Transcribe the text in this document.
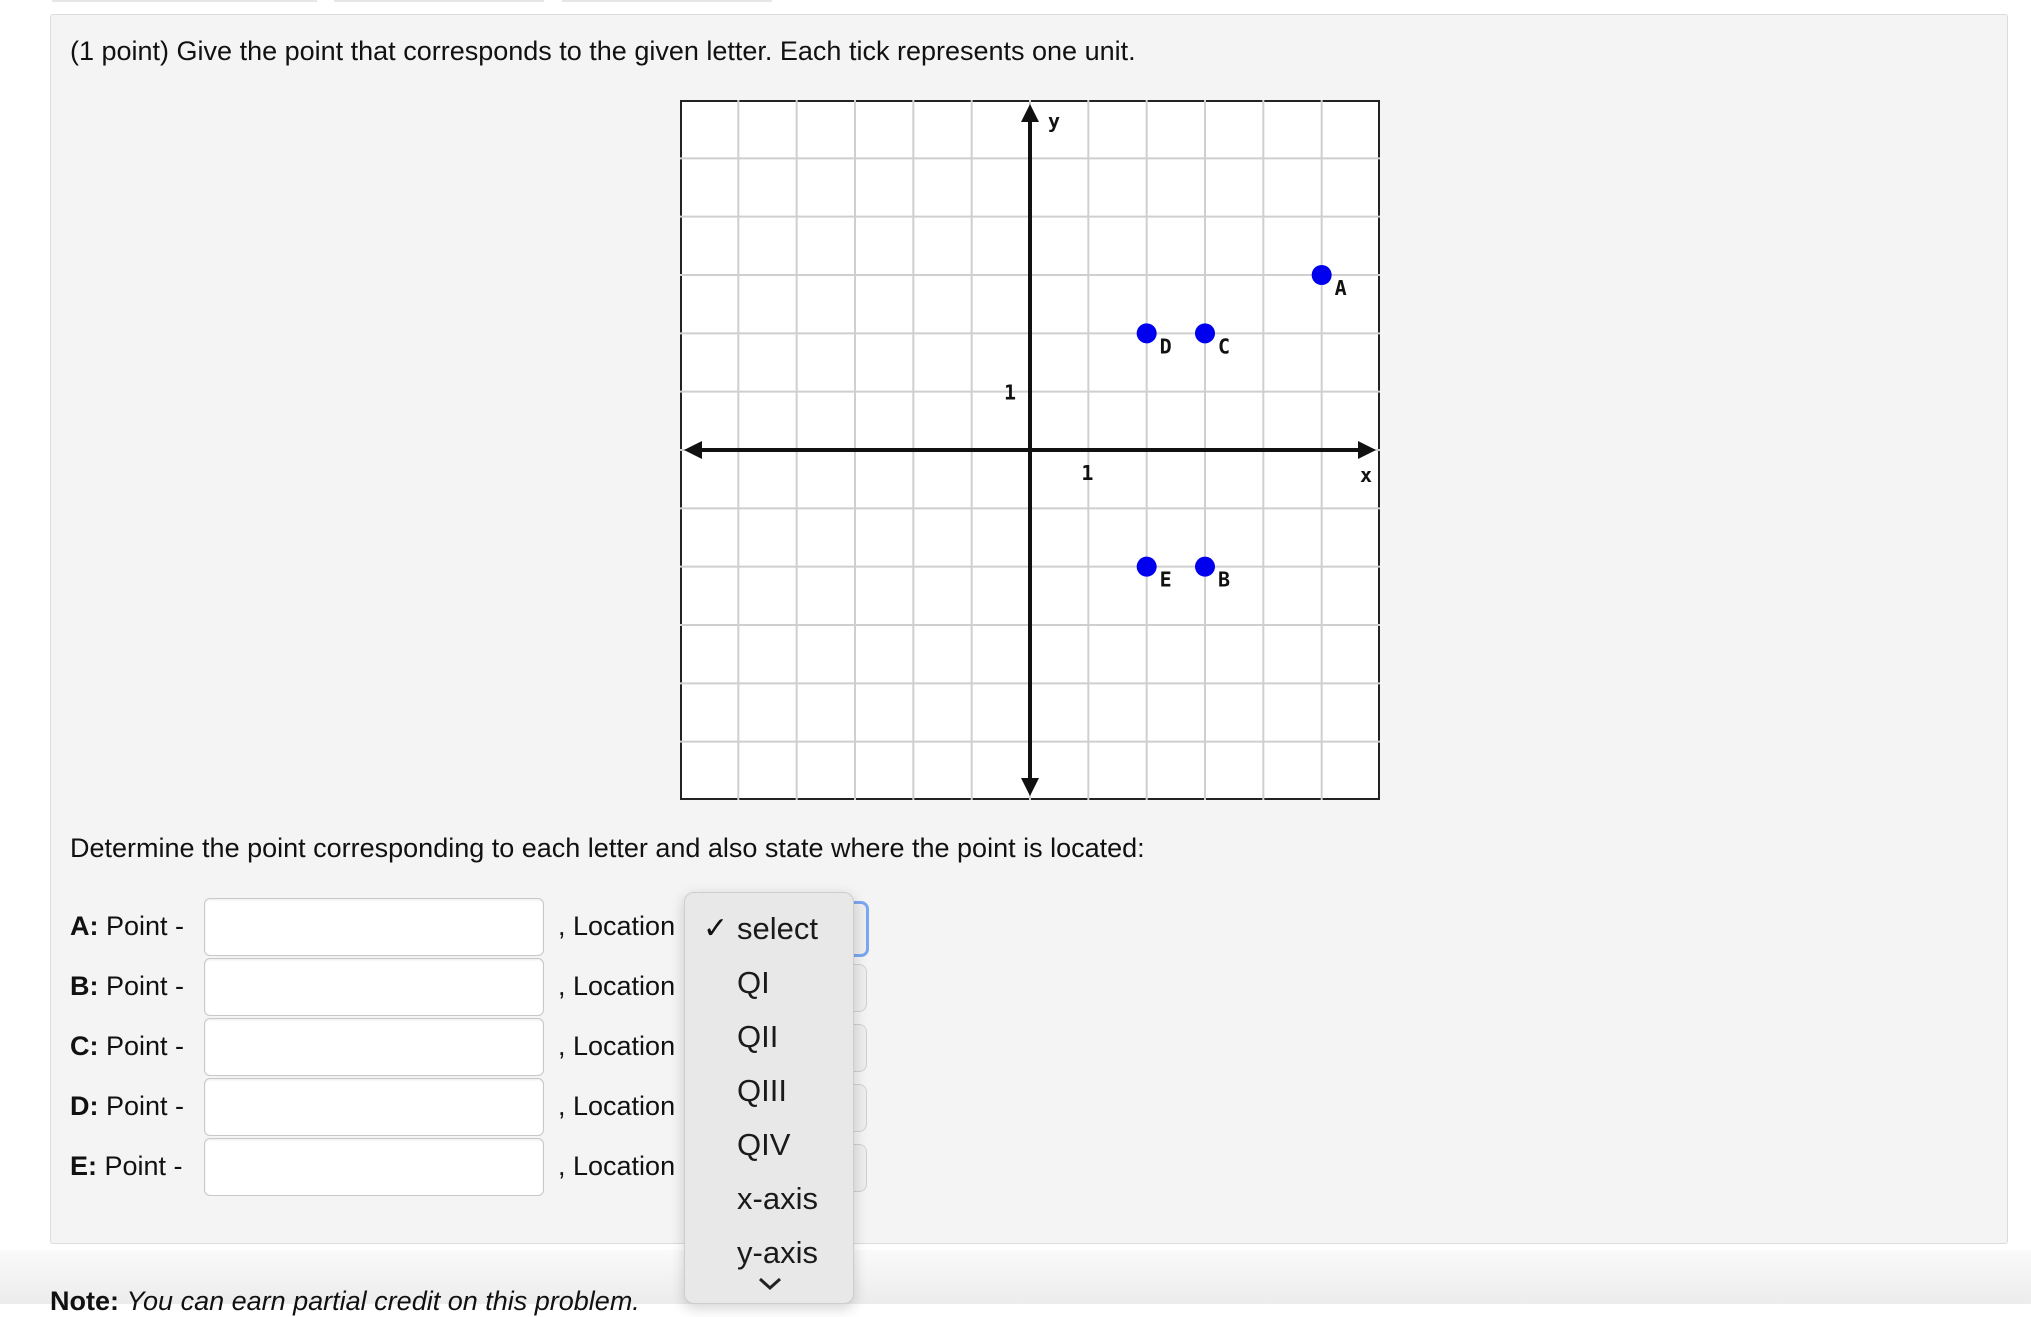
(1 point) Give the point that corresponds to the given letter. Each tick represents one unit.
1
1
x
y
A
B
C
D
E
Determine the point corresponding to each letter and also state where the point is located:
A: Point -	, Location
B: Point -	, Location
C: Point -	, Location
D: Point -	, Location
E: Point -	, Location
Note: You can earn partial credit on this problem.
✓ select
QI
QII
QIII
QIV
x-axis
y-axis
